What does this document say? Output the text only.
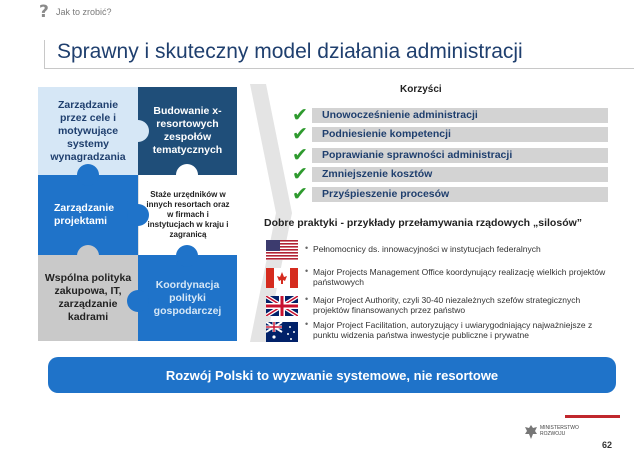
? Jak to zrobić?
Sprawny i skuteczny model działania administracji
Zarządzanie przez cele i motywujące systemy wynagradzania
Budowanie x-resortowych zespołów tematycznych
Zarządzanie projektami
Staże urzędników w innych resortach oraz w firmach i instytucjach w kraju i zagranicą
Wspólna polityka zakupowa, IT, zarządzanie kadrami
Koordynacja polityki gospodarczej
Korzyści
Unowocześnienie administracji
Podniesienie kompetencji
Poprawianie sprawności administracji
Zmniejszenie kosztów
Przyśpieszenie procesów
✔
✔
✔
✔
✔
Dobre praktyki - przykłady przełamywania rządowych „silosów”
• Pełnomocnicy ds. innowacyjności w instytucjach federalnych
• Major Projects Management Office koordynujący realizację wielkich projektów państwowych
• Major Project Authority, czyli 30-40 niezależnych szefów strategicznych projektów finansowanych przez państwo
• Major Project Facilitation, autoryzujący i uwiarygodniający najważniejsze z punktu widzenia państwa inwestycje publiczne i prywatne
Rozwój Polski to wyzwanie systemowe, nie resortowe
MINISTERSTWO
ROZWOJU
62
